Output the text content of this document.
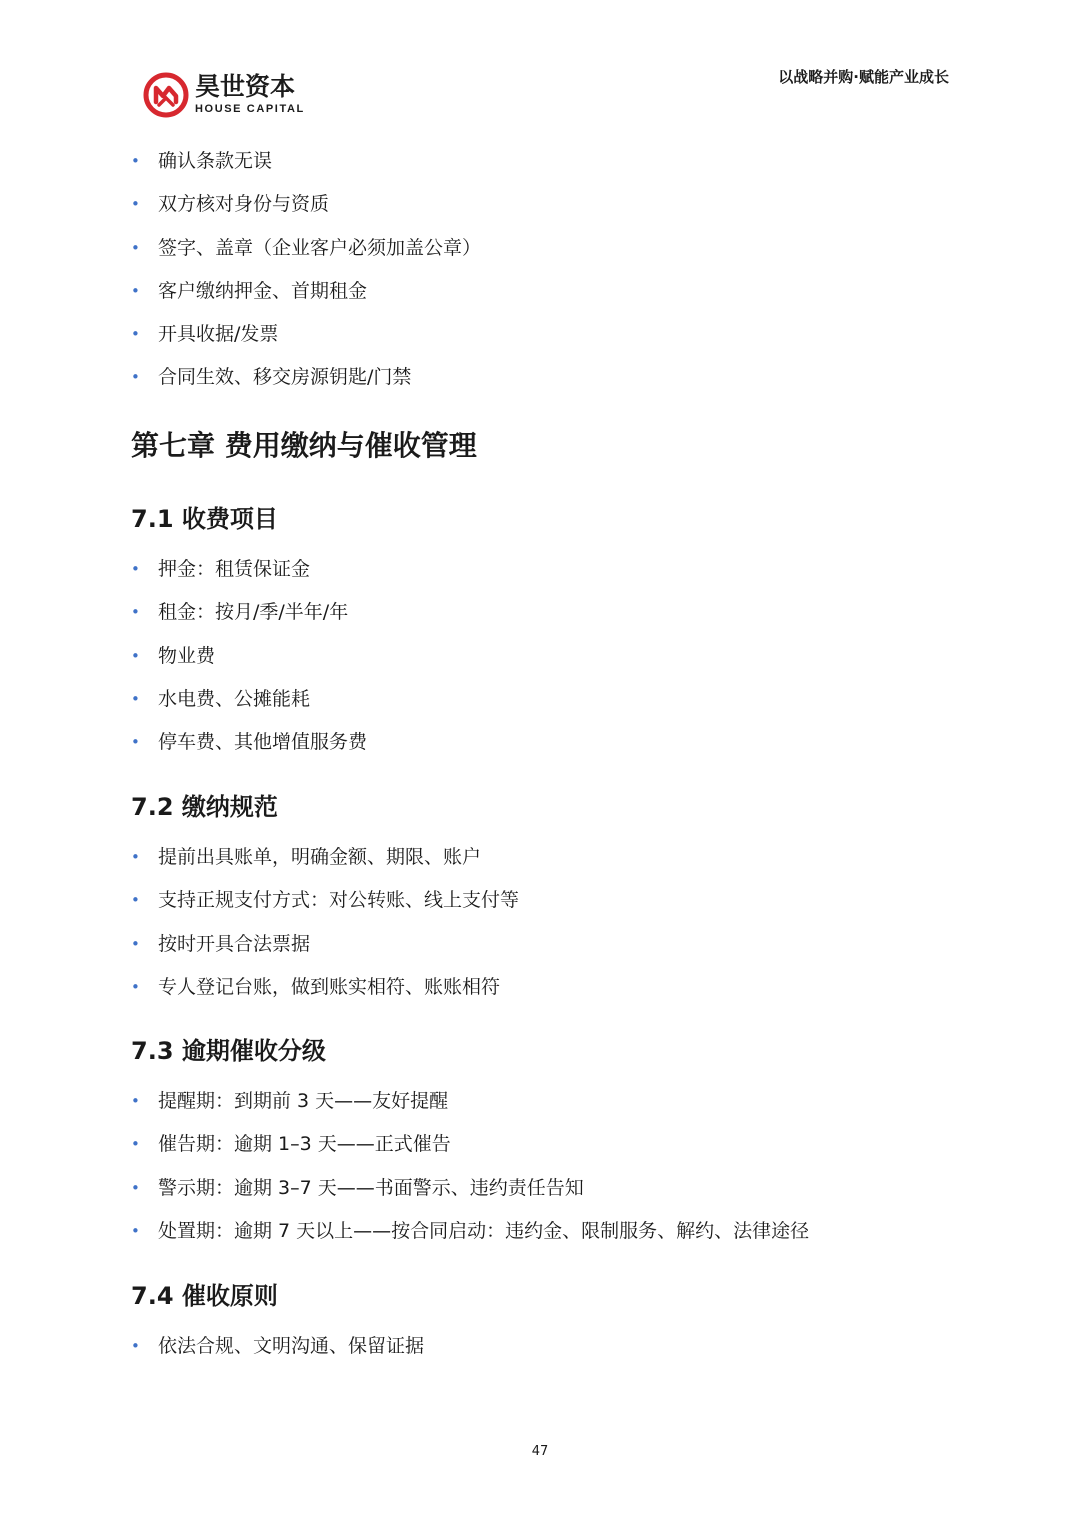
昊世资本
HOUSE CAPITAL
以战略并购·赋能产业成长
• 确认条款无误
• 双方核对身份与资质
• 签字、盖章（企业客户必须加盖公章）
• 客户缴纳押金、首期租金
• 开具收据/发票
• 合同生效、移交房源钥匙/门禁
第七章 费用缴纳与催收管理
7.1 收费项目
• 押金：租赁保证金
• 租金：按月/季/半年/年
• 物业费
• 水电费、公摊能耗
• 停车费、其他增值服务费
7.2 缴纳规范
• 提前出具账单，明确金额、期限、账户
• 支持正规支付方式：对公转账、线上支付等
• 按时开具合法票据
• 专人登记台账，做到账实相符、账账相符
7.3 逾期催收分级
• 提醒期：到期前 3 天——友好提醒
• 催告期：逾期 1–3 天——正式催告
• 警示期：逾期 3–7 天——书面警示、违约责任告知
• 处置期：逾期 7 天以上——按合同启动：违约金、限制服务、解约、法律途径
7.4 催收原则
• 依法合规、文明沟通、保留证据
47
